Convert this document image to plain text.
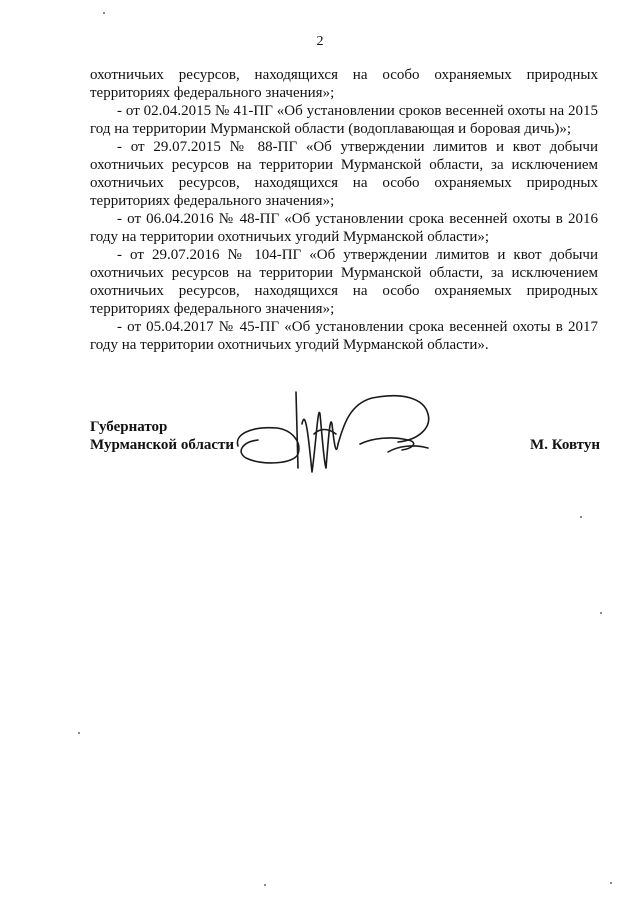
2

охотничьих ресурсов, находящихся на особо охраняемых природных территориях федерального значения»;

- от 02.04.2015 № 41-ПГ «Об установлении сроков весенней охоты на 2015 год на территории Мурманской области (водоплавающая и боровая дичь)»;

- от 29.07.2015 № 88-ПГ «Об утверждении лимитов и квот добычи охотничьих ресурсов на территории Мурманской области, за исключением охотничьих ресурсов, находящихся на особо охраняемых природных территориях федерального значения»;

- от 06.04.2016 № 48-ПГ «Об установлении срока весенней охоты в 2016 году на территории охотничьих угодий Мурманской области»;

- от 29.07.2016 № 104-ПГ «Об утверждении лимитов и квот добычи охотничьих ресурсов на территории Мурманской области, за исключением охотничьих ресурсов, находящихся на особо охраняемых природных территориях федерального значения»;

- от 05.04.2017 № 45-ПГ «Об установлении срока весенней охоты в 2017 году на территории охотничьих угодий Мурманской области».

Губернатор
Мурманской области	М. Ковтун
